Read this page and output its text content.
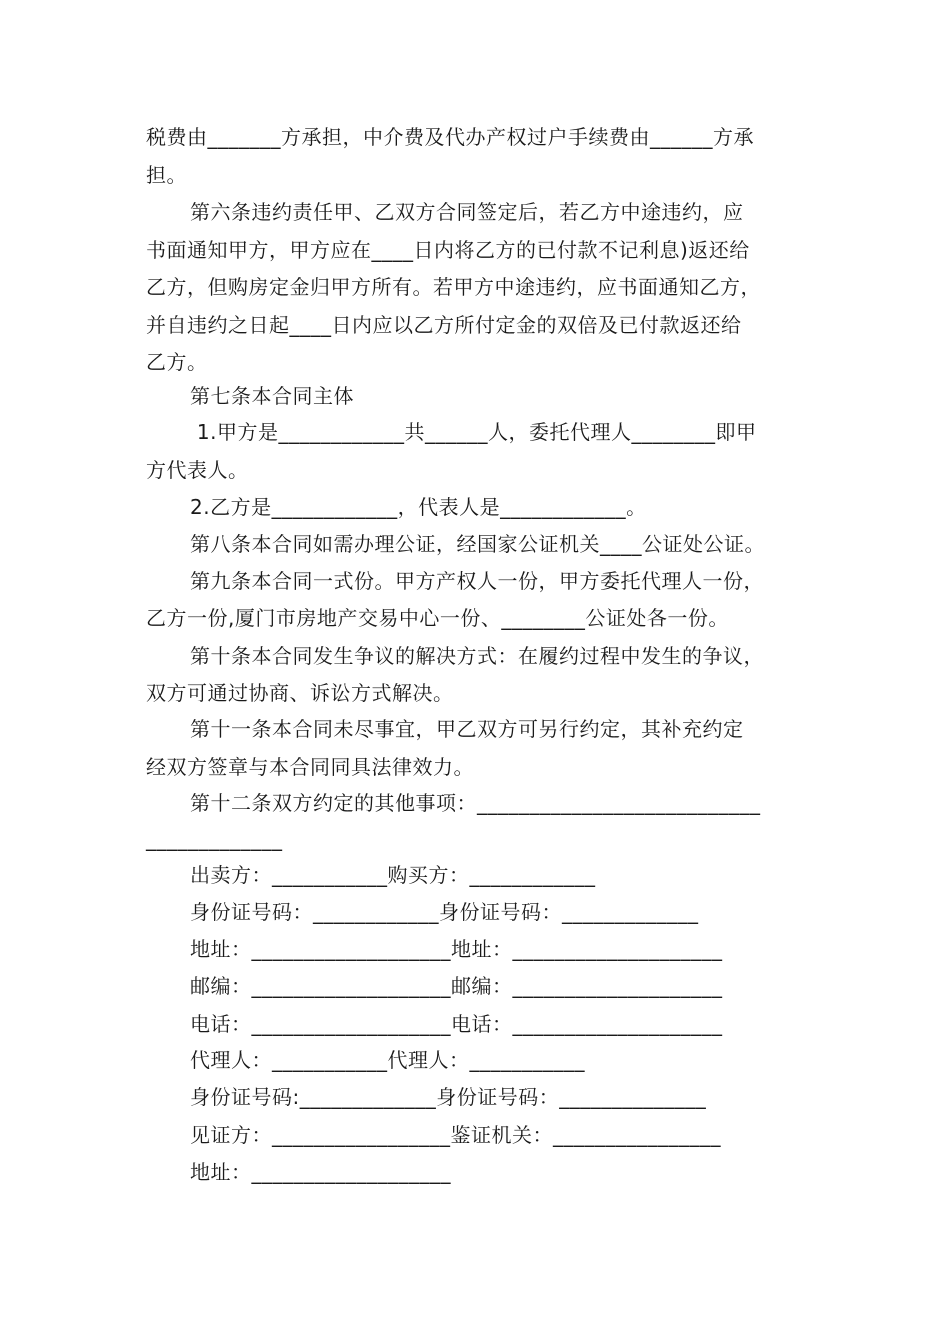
税费由_______方承担，中介费及代办产权过户手续费由______方承
担。
第六条违约责任甲、乙双方合同签定后，若乙方中途违约，应
书面通知甲方，甲方应在____日内将乙方的已付款不记利息)返还给
乙方，但购房定金归甲方所有。若甲方中途违约，应书面通知乙方，
并自违约之日起____日内应以乙方所付定金的双倍及已付款返还给
乙方。
第七条本合同主体
1.甲方是____________共______人，委托代理人________即甲
方代表人。
2.乙方是____________，代表人是____________。
第八条本合同如需办理公证，经国家公证机关____公证处公证。
第九条本合同一式份。甲方产权人一份，甲方委托代理人一份，
乙方一份,厦门市房地产交易中心一份、________公证处各一份。
第十条本合同发生争议的解决方式：在履约过程中发生的争议，
双方可通过协商、诉讼方式解决。
第十一条本合同未尽事宜，甲乙双方可另行约定，其补充约定
经双方签章与本合同同具法律效力。
第十二条双方约定的其他事项：___________________________
_____________
出卖方：___________购买方：____________
身份证号码：____________身份证号码：_____________
地址：___________________地址：____________________
邮编：___________________邮编：____________________
电话：___________________电话：____________________
代理人：___________代理人：___________
身份证号码:_____________身份证号码：______________
见证方：_________________鉴证机关：________________
地址：___________________
